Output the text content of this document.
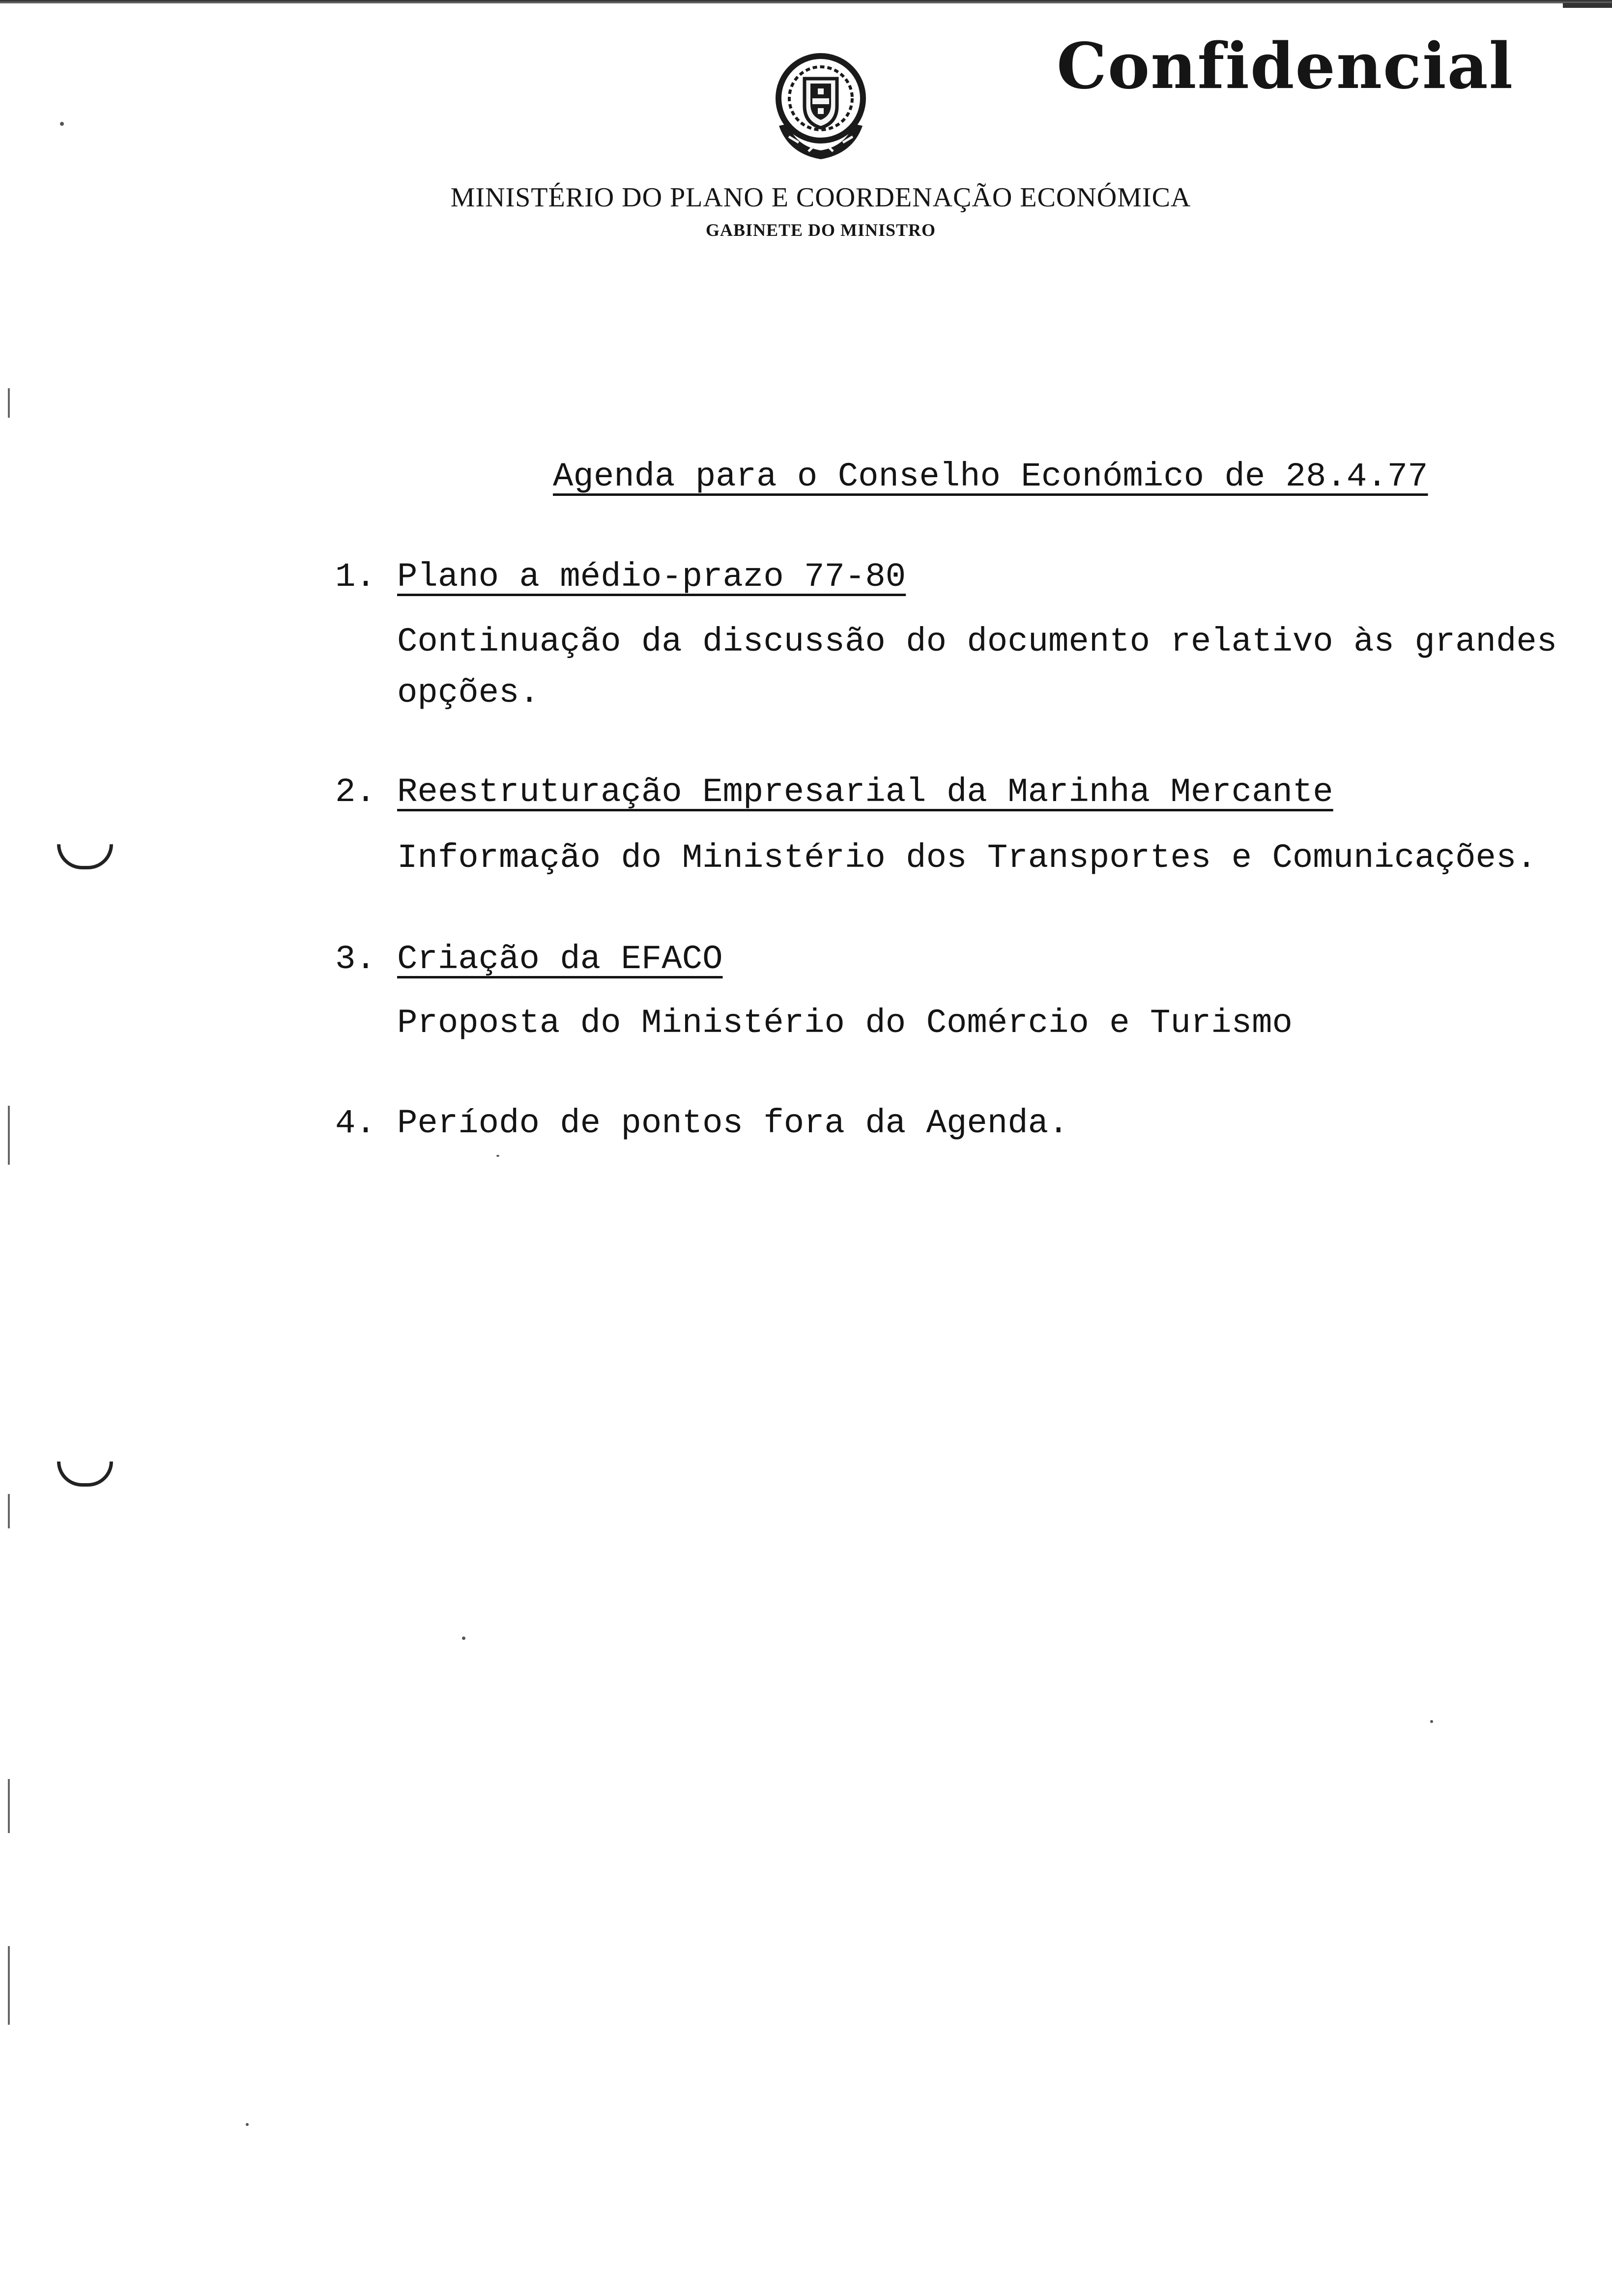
Confidencial
MINISTÉRIO DO PLANO E COORDENAÇÃO ECONÓMICA
GABINETE DO MINISTRO
Agenda para o Conselho Económico de 28.4.77
1. Plano a médio-prazo 77-80
Continuação da discussão do documento relativo às grandes
opções.
2. Reestruturação Empresarial da Marinha Mercante
Informação do Ministério dos Transportes e Comunicações.
3. Criação da EFACO
Proposta do Ministério do Comércio e Turismo
4. Período de pontos fora da Agenda.
